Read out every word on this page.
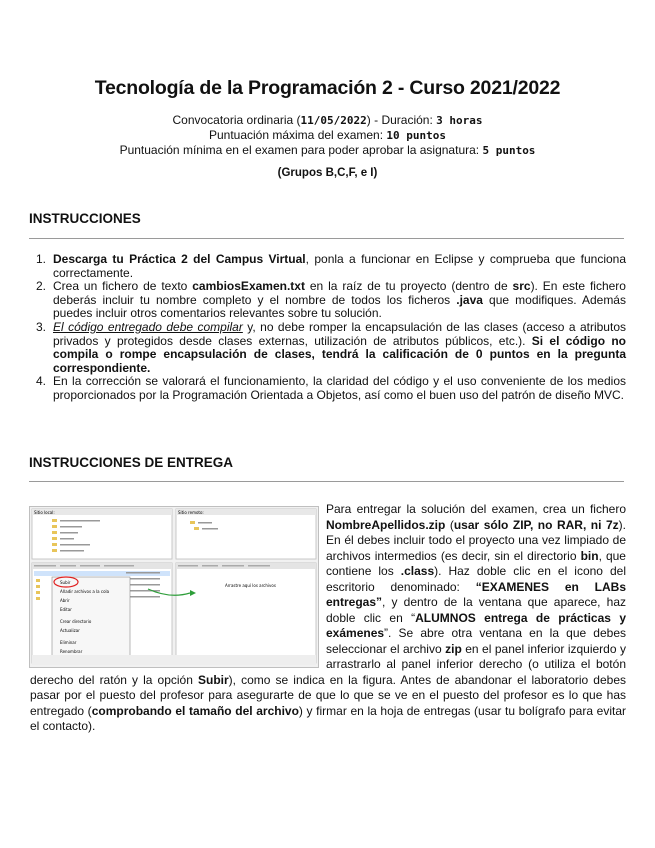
Tecnología de la Programación 2 - Curso 2021/2022
Convocatoria ordinaria (11/05/2022) - Duración: 3 horas
Puntuación máxima del examen: 10 puntos
Puntuación mínima en el examen para poder aprobar la asignatura: 5 puntos
(Grupos B,C,F, e I)
INSTRUCCIONES
1. Descarga tu Práctica 2 del Campus Virtual, ponla a funcionar en Eclipse y comprueba que funciona correctamente.
2. Crea un fichero de texto cambiosExamen.txt en la raíz de tu proyecto (dentro de src). En este fichero deberás incluir tu nombre completo y el nombre de todos los ficheros .java que modifiques. Además puedes incluir otros comentarios relevantes sobre tu solución.
3. El código entregado debe compilar y, no debe romper la encapsulación de las clases (acceso a atributos privados y protegidos desde clases externas, utilización de atributos públicos, etc.). Si el código no compila o rompe encapsulación de clases, tendrá la calificación de 0 puntos en la pregunta correspondiente.
4. En la corrección se valorará el funcionamiento, la claridad del código y el uso conveniente de los medios proporcionados por la Programación Orientada a Objetos, así como el buen uso del patrón de diseño MVC.
INSTRUCCIONES DE ENTREGA
Sitio local:	Sitio remoto:
Arrastre aquí los archivos
Subir
Añadir archivos a la cola
Abrir
Editar
Crear directorio
Actualizar
Eliminar
Renombrar
Para entregar la solución del examen, crea un fichero NombreApellidos.zip (usar sólo ZIP, no RAR, ni 7z). En él debes incluir todo el proyecto una vez limpiado de archivos intermedios (es decir, sin el directorio bin, que contiene los .class). Haz doble clic en el icono del escritorio denominado: “EXAMENES en LABs entregas”, y dentro de la ventana que aparece, haz doble clic en “ALUMNOS entrega de prácticas y exámenes”. Se abre otra ventana en la que debes seleccionar el archivo zip en el panel inferior izquierdo y arrastrarlo al panel inferior derecho (o utiliza el botón derecho del ratón y la opción Subir), como se indica en la figura. Antes de abandonar el laboratorio debes pasar por el puesto del profesor para asegurarte de que lo que se ve en el puesto del profesor es lo que has entregado (comprobando el tamaño del archivo) y firmar en la hoja de entregas (usar tu bolígrafo para evitar el contacto).
